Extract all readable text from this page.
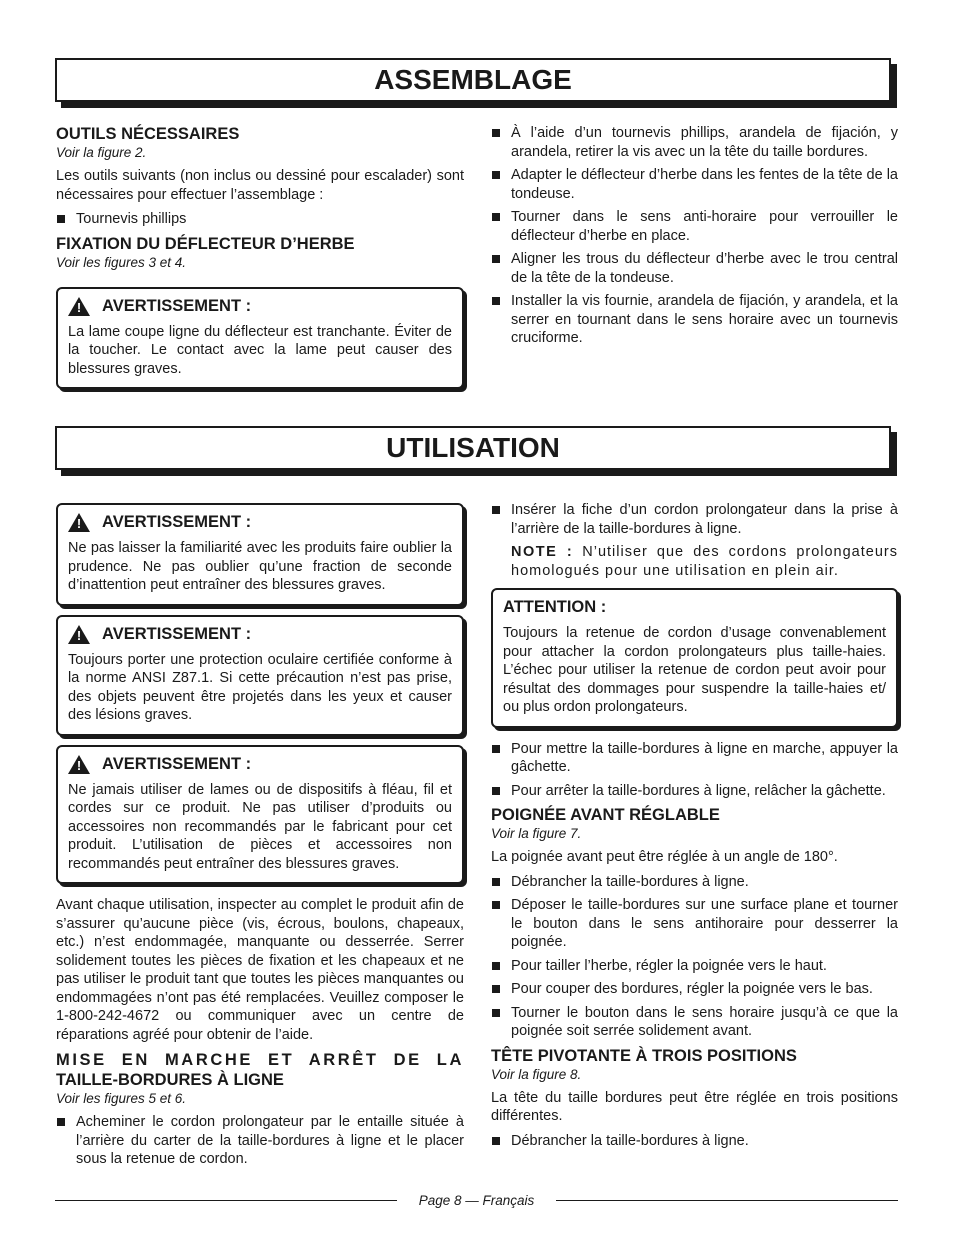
ASSEMBLAGE
OUTILS NÉCESSAIRES
Voir la figure 2.

Les outils suivants (non inclus ou dessiné pour escalader) sont nécessaires pour effectuer l’assemblage :

Tournevis phillips
FIXATION DU DÉFLECTEUR D’HERBE
Voir les figures 3 et 4.
! AVERTISSEMENT :

La lame coupe ligne du déflecteur est tranchante. Éviter de la toucher. Le contact avec la lame peut causer des blessures graves.

À l’aide d’un tournevis phillips, arandela de fijación, y arandela, retirer la vis avec un la tête du taille bordures.
Adapter le déflecteur d’herbe dans les fentes de la tête de la tondeuse.
Tourner dans le sens anti-horaire pour verrouiller le déflecteur d’herbe en place.
Aligner les trous du déflecteur d’herbe avec le trou central de la tête de la tondeuse.
Installer la vis fournie, arandela de fijación, y arandela, et la serrer en tournant dans le sens horaire avec un tournevis cruciforme.
UTILISATION
! AVERTISSEMENT :

Ne pas laisser la familiarité avec les produits faire oublier la prudence. Ne pas oublier qu’une fraction de seconde d’inattention peut entraîner des blessures graves.

! AVERTISSEMENT :

Toujours porter une protection oculaire certifiée conforme à la norme ANSI Z87.1. Si cette précaution n’est pas prise, des objets peuvent être projetés dans les yeux et causer des lésions graves.

! AVERTISSEMENT :

Ne jamais utiliser de lames ou de dispositifs à fléau, fil et cordes sur ce produit. Ne pas utiliser d’produits ou accessoires non recommandés par le fabricant pour cet produit. L’utilisation de pièces et accessoires non recommandés peut entraîner des blessures graves.

Avant chaque utilisation, inspecter au complet le produit afin de s’assurer qu’aucune pièce (vis, écrous, boulons, chapeaux, etc.) n’est endommagée, manquante ou desserrée. Serrer solidement toutes les pièces de fixation et les chapeaux et ne pas utiliser le produit tant que toutes les pièces manquantes ou endommagées n’ont pas été remplacées. Veuillez composer le 1-800-242-4672 ou communiquer avec un centre de réparations agréé pour obtenir de l’aide.

MISE EN MARCHE ET ARRÊT DE LA
TAILLE-BORDURES À LIGNE
Voir les figures 5 et 6.
Acheminer le cordon prolongateur par le entaille située à l’arrière du carter de la taille-bordures à ligne et le placer sous la retenue de cordon.
Insérer la fiche d’un cordon prolongateur dans la prise à l’arrière de la taille-bordures à ligne.

NOTE : N’utiliser que des cordons prolongateurs homologués pour une utilisation en plein air.

ATTENTION :

Toujours la retenue de cordon d’usage convenablement pour attacher la cordon prolongateurs plus taille-haies. L’échec pour utiliser la retenue de cordon peut avoir pour résultat des dommages pour suspendre la taille-haies et/ ou plus ordon prolongateurs.

Pour mettre la taille-bordures à ligne en marche, appuyer la gâchette.
Pour arrêter la taille-bordures à ligne, relâcher la gâchette.
POIGNÉE AVANT RÉGLABLE
Voir la figure 7.

La poignée avant peut être réglée à un angle de 180°.

Débrancher la taille-bordures à ligne.
Déposer le taille-bordures sur une surface plane et tourner le bouton dans le sens antihoraire pour desserrer la poignée.
Pour tailler l’herbe, régler la poignée vers le haut.
Pour couper des bordures, régler la poignée vers le bas.
Tourner le bouton dans le sens horaire jusqu’à ce que la poignée soit serrée solidement avant.
TÊTE PIVOTANTE À TROIS POSITIONS
Voir la figure 8.

La tête du taille bordures peut être réglée en trois positions différentes.

Débrancher la taille-bordures à ligne.
Page 8 — Français
